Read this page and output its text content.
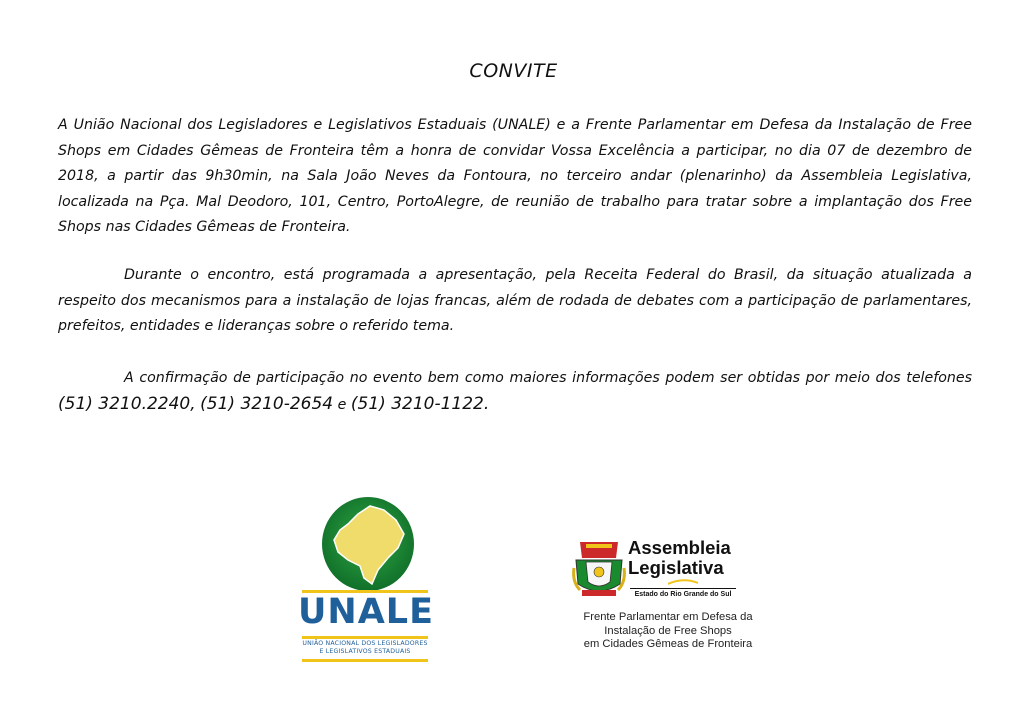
CONVITE
A União Nacional dos Legisladores e Legislativos Estaduais (UNALE) e a Frente Parlamentar em Defesa da Instalação de Free Shops em Cidades Gêmeas de Fronteira têm a honra de convidar Vossa Excelência a participar, no dia 07 de dezembro de 2018, a partir das 9h30min, na Sala João Neves da Fontoura, no terceiro andar (plenarinho) da Assembleia Legislativa, localizada na Pça. Mal Deodoro, 101, Centro, PortoAlegre, de reunião de trabalho para tratar sobre a implantação dos Free Shops nas Cidades Gêmeas de Fronteira.
Durante o encontro, está programada a apresentação, pela Receita Federal do Brasil, da situação atualizada a respeito dos mecanismos para a instalação de lojas francas, além de rodada de debates com a participação de parlamentares, prefeitos, entidades e lideranças sobre o referido tema.
A confirmação de participação no evento bem como maiores informações podem ser obtidas por meio dos telefones (51) 3210.2240, (51) 3210-2654 e (51) 3210-1122.
UNALE
UNIÃO NACIONAL DOS LEGISLADORES
E LEGISLATIVOS ESTADUAIS
Assembleia
Legislativa
Estado do Rio Grande do Sul
Frente Parlamentar em Defesa da
Instalação de Free Shops
em Cidades Gêmeas de Fronteira
